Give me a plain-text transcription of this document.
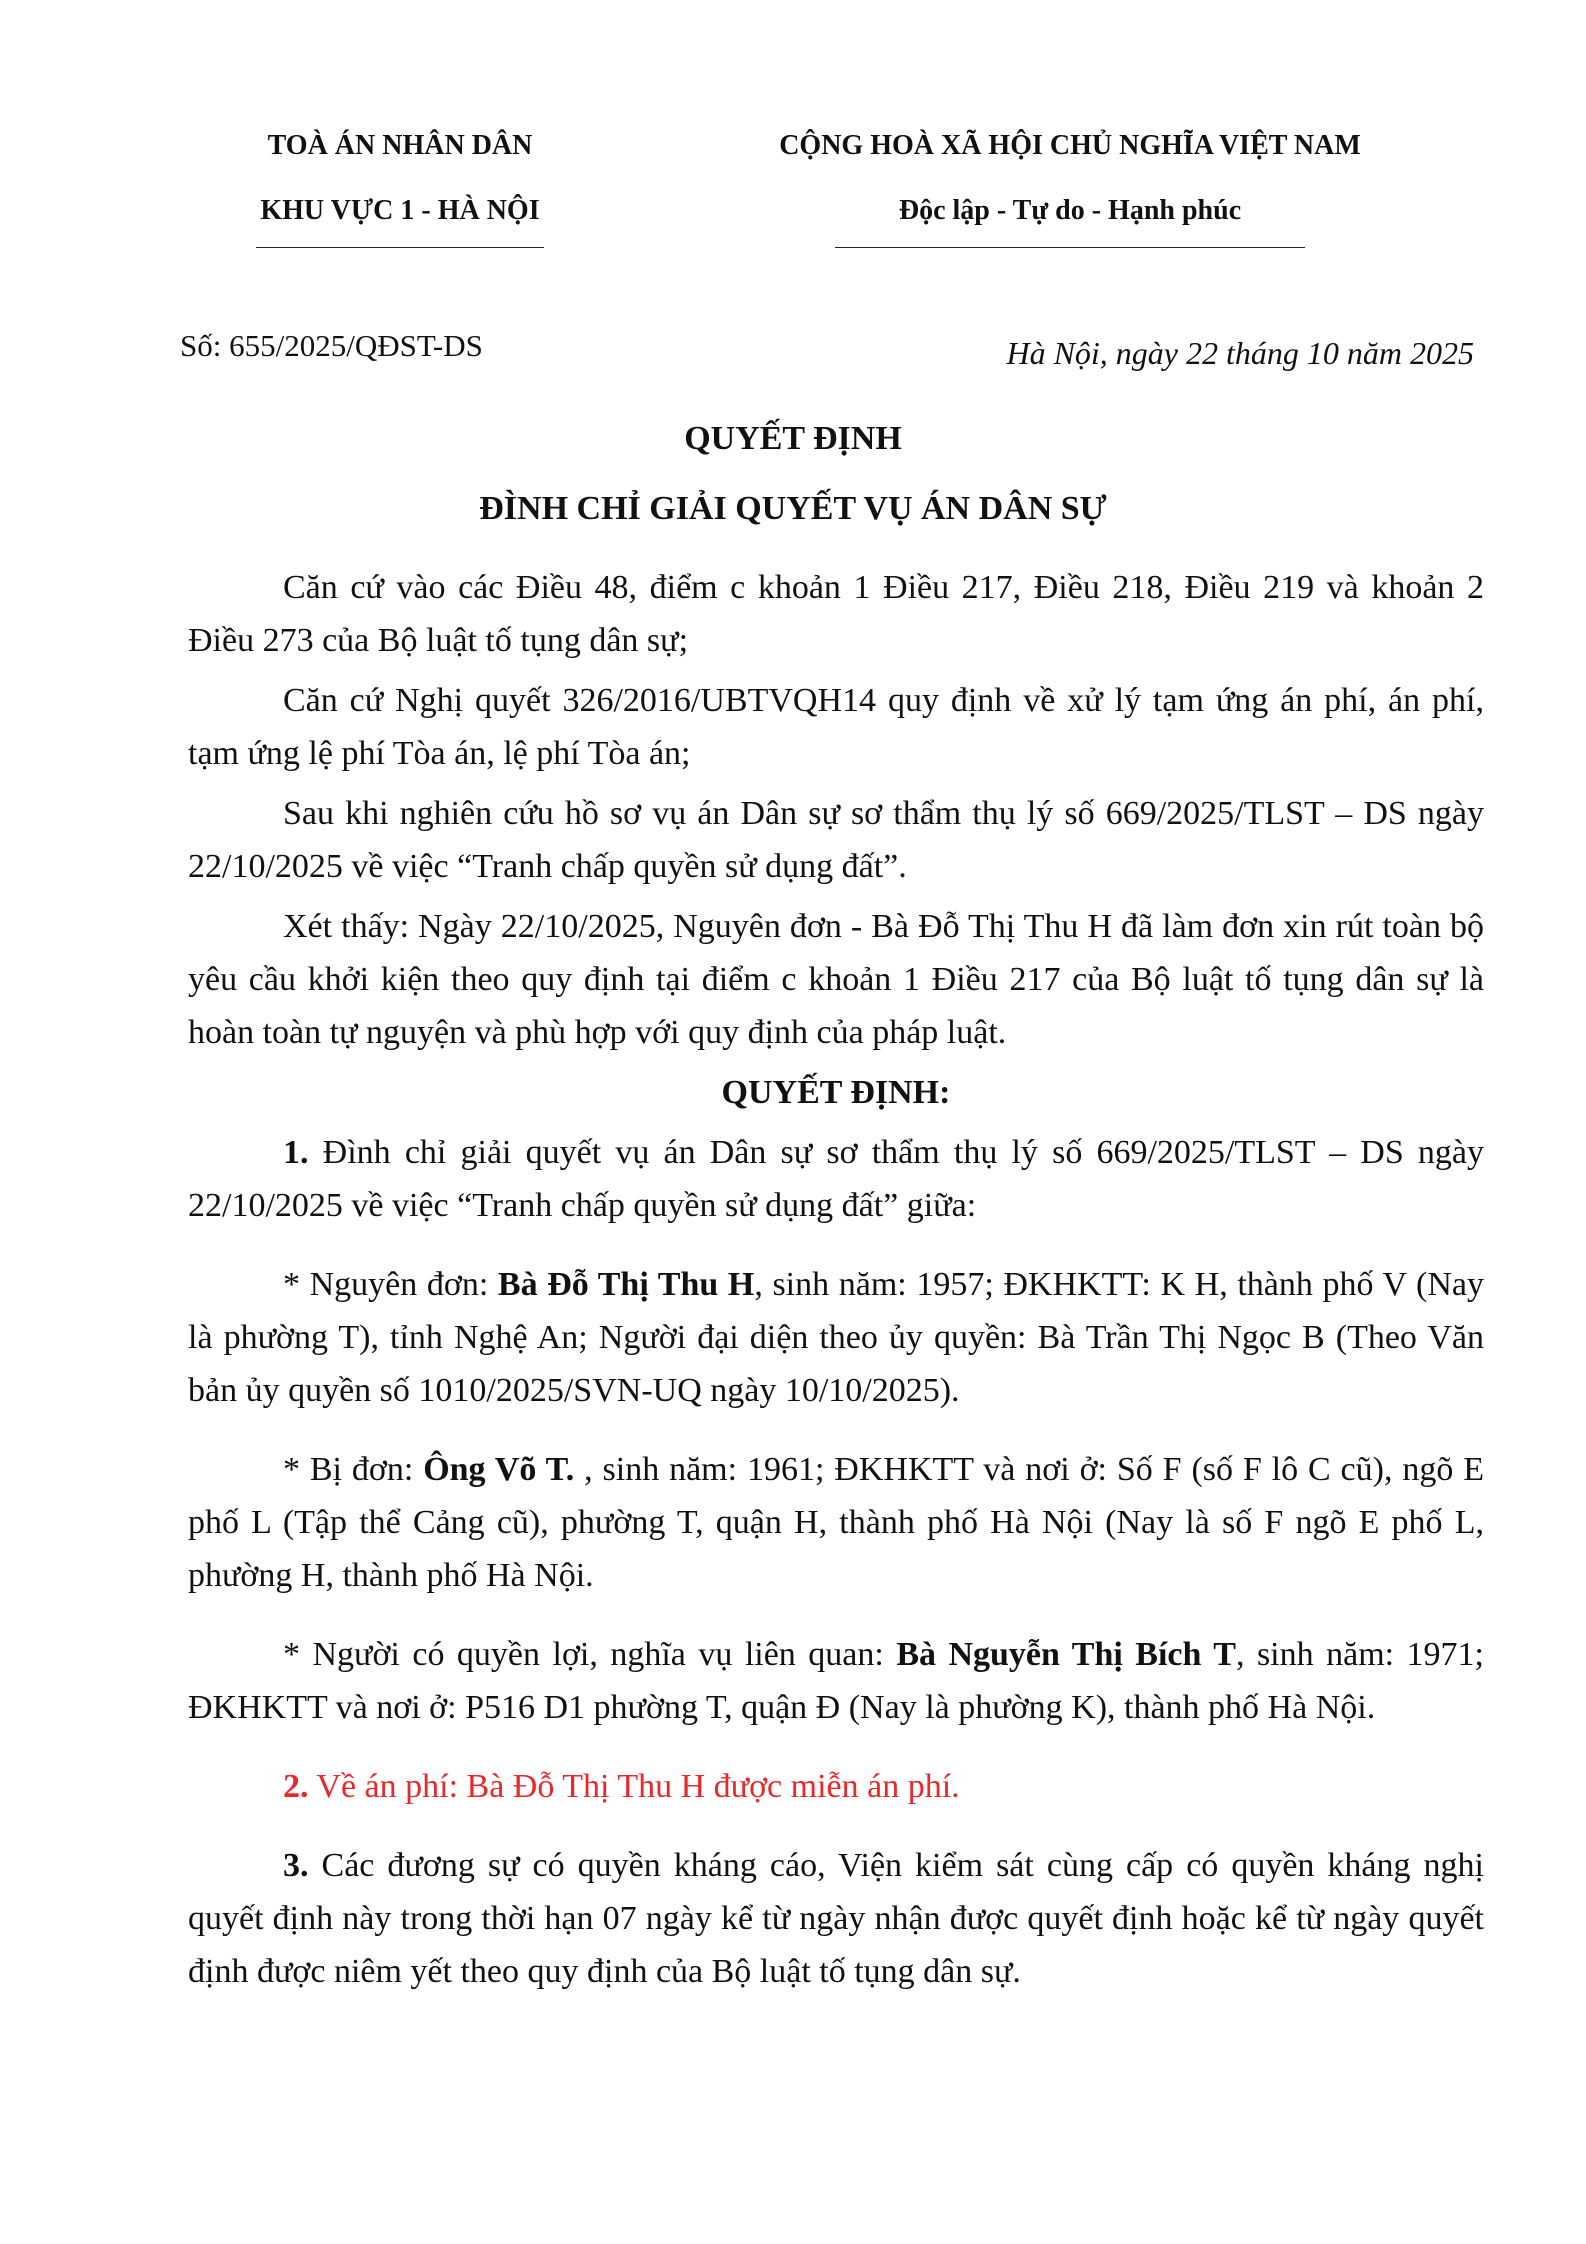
TOÀ ÁN NHÂN DÂN
KHU VỰC 1 - HÀ NỘI
CỘNG HOÀ XÃ HỘI CHỦ NGHĨA VIỆT NAM
Độc lập - Tự do - Hạnh phúc
Số: 655/2025/QĐST-DS	Hà Nội, ngày 22 tháng 10 năm 2025
QUYẾT ĐỊNH
ĐÌNH CHỈ GIẢI QUYẾT VỤ ÁN DÂN SỰ

Căn cứ vào các Điều 48, điểm c khoản 1 Điều 217, Điều 218, Điều 219 và khoản 2 Điều 273 của Bộ luật tố tụng dân sự;

Căn cứ Nghị quyết 326/2016/UBTVQH14 quy định về xử lý tạm ứng án phí, án phí, tạm ứng lệ phí Tòa án, lệ phí Tòa án;

Sau khi nghiên cứu hồ sơ vụ án Dân sự sơ thẩm thụ lý số 669/2025/TLST – DS ngày 22/10/2025 về việc “Tranh chấp quyền sử dụng đất”.

Xét thấy: Ngày 22/10/2025, Nguyên đơn - Bà Đỗ Thị Thu H đã làm đơn xin rút toàn bộ yêu cầu khởi kiện theo quy định tại điểm c khoản 1 Điều 217 của Bộ luật tố tụng dân sự là hoàn toàn tự nguyện và phù hợp với quy định của pháp luật.

QUYẾT ĐỊNH:

1. Đình chỉ giải quyết vụ án Dân sự sơ thẩm thụ lý số 669/2025/TLST – DS ngày 22/10/2025 về việc “Tranh chấp quyền sử dụng đất” giữa:

* Nguyên đơn: Bà Đỗ Thị Thu H, sinh năm: 1957; ĐKHKTT: K H, thành phố V (Nay là phường T), tỉnh Nghệ An; Người đại diện theo ủy quyền: Bà Trần Thị Ngọc B (Theo Văn bản ủy quyền số 1010/2025/SVN-UQ ngày 10/10/2025).

* Bị đơn: Ông Võ T. , sinh năm: 1961; ĐKHKTT và nơi ở: Số F (số F lô C cũ), ngõ E phố L (Tập thể Cảng cũ), phường T, quận H, thành phố Hà Nội (Nay là số F ngõ E phố L, phường H, thành phố Hà Nội.

* Người có quyền lợi, nghĩa vụ liên quan: Bà Nguyễn Thị Bích T, sinh năm: 1971; ĐKHKTT và nơi ở: P516 D1 phường T, quận Đ (Nay là phường K), thành phố Hà Nội.

2. Về án phí: Bà Đỗ Thị Thu H được miễn án phí.

3. Các đương sự có quyền kháng cáo, Viện kiểm sát cùng cấp có quyền kháng nghị quyết định này trong thời hạn 07 ngày kể từ ngày nhận được quyết định hoặc kể từ ngày quyết định được niêm yết theo quy định của Bộ luật tố tụng dân sự.
